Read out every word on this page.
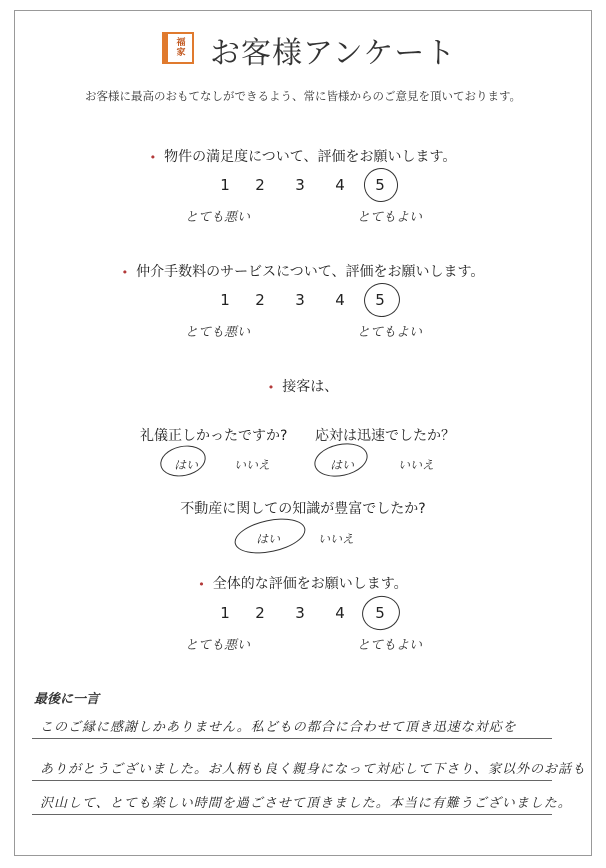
福
家 お客様アンケート
お客様に最高のおもてなしができるよう、常に皆様からのご意見を頂いております。
• 物件の満足度について、評価をお願いします。
1	2	3	4	5
とても悪い	とてもよい
• 仲介手数料のサービスについて、評価をお願いします。
1	2	3	4	5
とても悪い	とてもよい
• 接客は、
礼儀正しかったですか? 応対は迅速でしたか？
はい	いいえ	はい	いいえ
不動産に関しての知識が豊富でしたか?
はい	いいえ
• 全体的な評価をお願いします。
1	2	3	4	5
とても悪い	とてもよい
最後に一言
このご縁に感謝しかありません。私どもの都合に合わせて頂き迅速な対応を
ありがとうございました。お人柄も良く親身になって対応して下さり、家以外のお話も
沢山して、とても楽しい時間を過ごさせて頂きました。本当に有難うございました。
